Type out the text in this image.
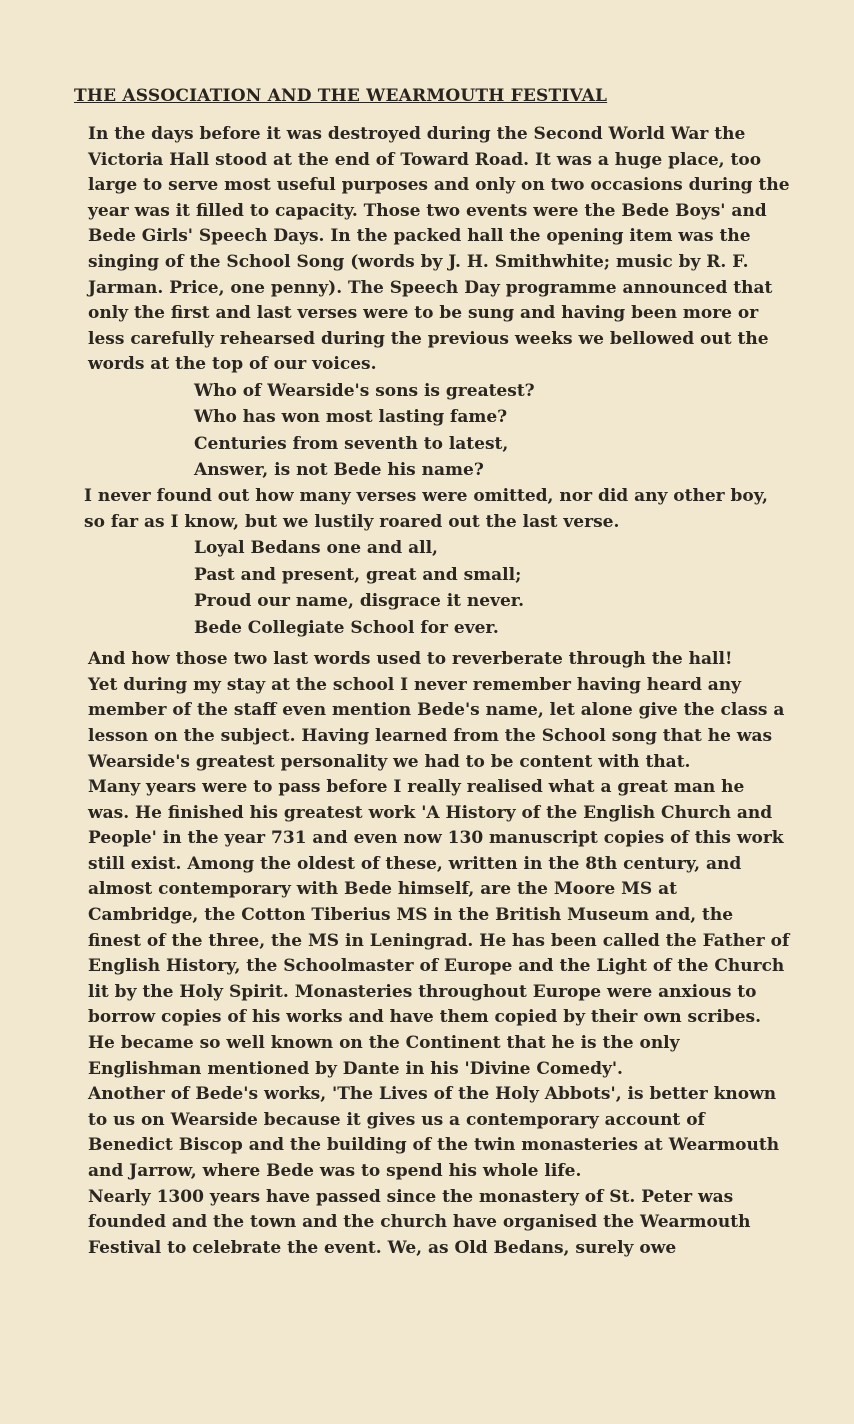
THE ASSOCIATION AND THE WEARMOUTH FESTIVAL

In the days before it was destroyed during the Second World War the Victoria Hall stood at the end of Toward Road. It was a huge place, too large to serve most useful purposes and only on two occasions during the year was it filled to capacity. Those two events were the Bede Boys' and Bede Girls' Speech Days. In the packed hall the opening item was the singing of the School Song (words by J. H. Smithwhite; music by R. F. Jarman. Price, one penny). The Speech Day programme announced that only the first and last verses were to be sung and having been more or less carefully rehearsed during the previous weeks we bellowed out the words at the top of our voices.

Who of Wearside's sons is greatest?
Who has won most lasting fame?
Centuries from seventh to latest,
Answer, is not Bede his name?

I never found out how many verses were omitted, nor did any other boy, so far as I know, but we lustily roared out the last verse.

Loyal Bedans one and all,
Past and present, great and small;
Proud our name, disgrace it never.
Bede Collegiate School for ever.

And how those two last words used to reverberate through the hall!

Yet during my stay at the school I never remember having heard any member of the staff even mention Bede's name, let alone give the class a lesson on the subject. Having learned from the School song that he was Wearside's greatest personality we had to be content with that.

Many years were to pass before I really realised what a great man he was. He finished his greatest work 'A History of the English Church and People' in the year 731 and even now 130 manuscript copies of this work still exist. Among the oldest of these, written in the 8th century, and almost contemporary with Bede himself, are the Moore MS at Cambridge, the Cotton Tiberius MS in the British Museum and, the finest of the three, the MS in Leningrad. He has been called the Father of English History, the Schoolmaster of Europe and the Light of the Church lit by the Holy Spirit. Monasteries throughout Europe were anxious to borrow copies of his works and have them copied by their own scribes. He became so well known on the Continent that he is the only Englishman mentioned by Dante in his 'Divine Comedy'.

Another of Bede's works, 'The Lives of the Holy Abbots', is better known to us on Wearside because it gives us a contemporary account of Benedict Biscop and the building of the twin monasteries at Wearmouth and Jarrow, where Bede was to spend his whole life.

Nearly 1300 years have passed since the monastery of St. Peter was founded and the town and the church have organised the Wearmouth Festival to celebrate the event. We, as Old Bedans, surely owe
